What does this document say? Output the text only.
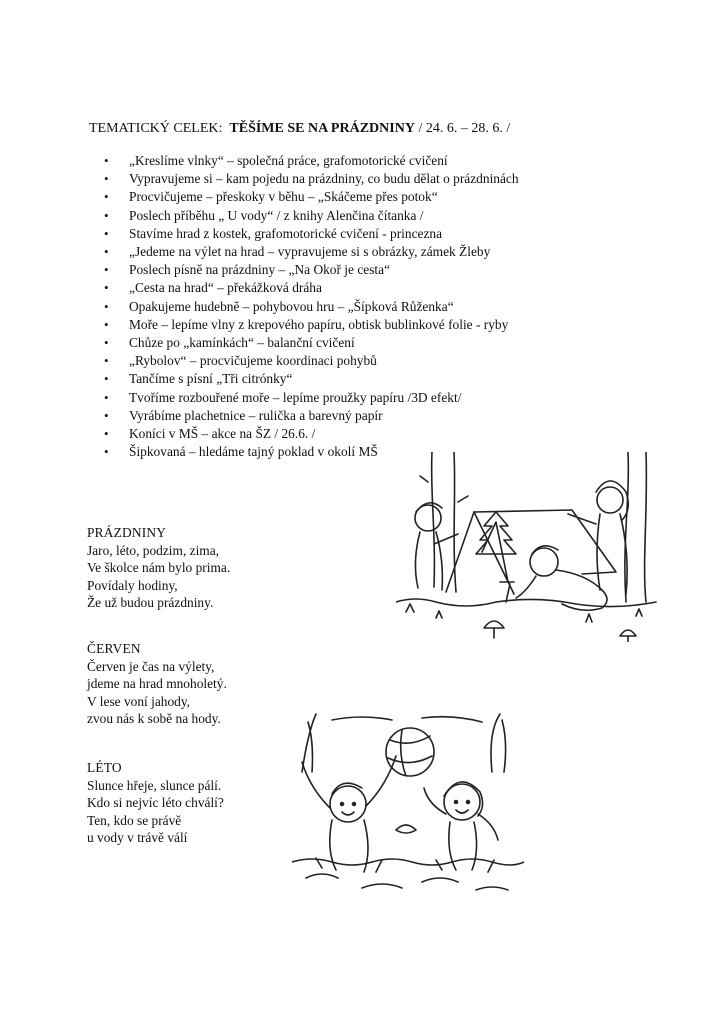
TEMATICKÝ CELEK: TĚŠÍME SE NA PRÁZDNINY / 24. 6. – 28. 6. /
• „Kreslíme vlnky“ – společná práce, grafomotorické cvičení
• Vypravujeme si – kam pojedu na prázdniny, co budu dělat o prázdninách
• Procvičujeme – přeskoky v běhu – „Skáčeme přes potok“
• Poslech příběhu „ U vody“ / z knihy Alenčina čítanka /
• Stavíme hrad z kostek, grafomotorické cvičení - princezna
• „Jedeme na výlet na hrad – vypravujeme si s obrázky, zámek Žleby
• Poslech písně na prázdniny – „Na Okoř je cesta“
• „Cesta na hrad“ – překážková dráha
• Opakujeme hudebně – pohybovou hru – „Šípková Růženka“
• Moře – lepíme vlny z krepového papíru, obtisk bublinkové folie - ryby
• Chůze po „kamínkách“ – balanční cvičení
• „Rybolov“ – procvičujeme koordinaci pohybů
• Tančíme s písní „Tři citrónky“
• Tvoříme rozbouřené moře – lepíme proužky papíru /3D efekt/
• Vyrábíme plachetnice – rulička a barevný papír
• Koníci v MŠ – akce na ŠZ / 26.6. /
• Šipkovaná – hledáme tajný poklad v okolí MŠ
PRÁZDNINY
Jaro, léto, podzim, zima,
Ve školce nám bylo prima.
Povídaly hodiny,
Že už budou prázdniny.
ČERVEN
Červen je čas na výlety,
jdeme na hrad mnoholetý.
V lese voní jahody,
zvou nás k sobě na hody.
LÉTO
Slunce hřeje, slunce pálí.
Kdo si nejvíc léto chválí?
Ten, kdo se právě
u vody v trávě válí
